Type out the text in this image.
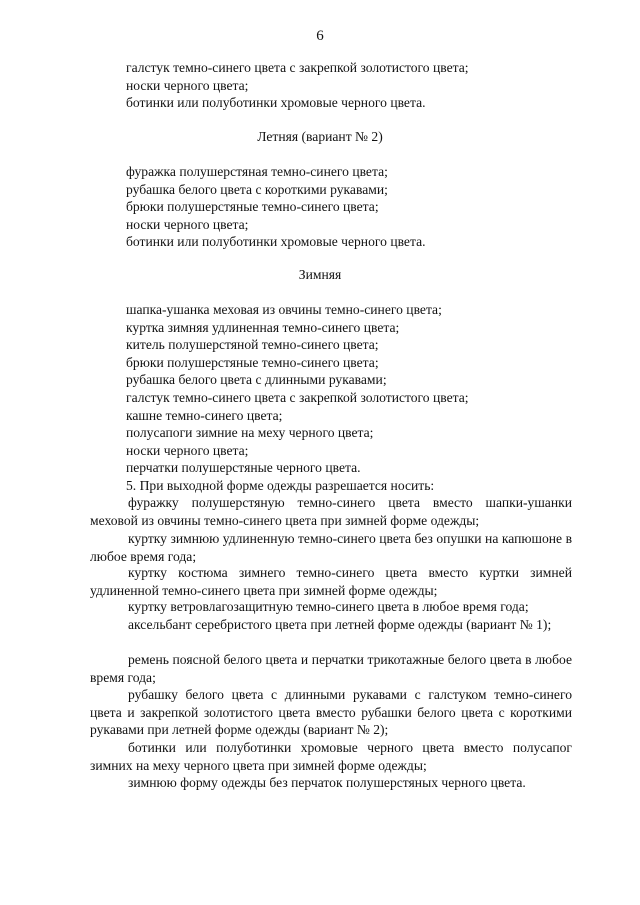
6

галстук темно-синего цвета с закрепкой золотистого цвета;

носки черного цвета;

ботинки или полуботинки хромовые черного цвета.

Летняя (вариант № 2)

фуражка полушерстяная темно-синего цвета;

рубашка белого цвета с короткими рукавами;

брюки полушерстяные темно-синего цвета;

носки черного цвета;

ботинки или полуботинки хромовые черного цвета.

Зимняя

шапка-ушанка меховая из овчины темно-синего цвета;

куртка зимняя удлиненная темно-синего цвета;

китель полушерстяной темно-синего цвета;

брюки полушерстяные темно-синего цвета;

рубашка белого цвета с длинными рукавами;

галстук темно-синего цвета с закрепкой золотистого цвета;

кашне темно-синего цвета;

полусапоги зимние на меху черного цвета;

носки черного цвета;

перчатки полушерстяные черного цвета.

5. При выходной форме одежды разрешается носить:

фуражку полушерстяную темно-синего цвета вместо шапки-ушанки меховой из овчины темно-синего цвета при зимней форме одежды;

куртку зимнюю удлиненную темно-синего цвета без опушки на капюшоне в любое время года;

куртку костюма зимнего темно-синего цвета вместо куртки зимней удлиненной темно-синего цвета при зимней форме одежды;

куртку ветровлагозащитную темно-синего цвета в любое время года;

аксельбант серебристого цвета при летней форме одежды (вариант № 1);

ремень поясной белого цвета и перчатки трикотажные белого цвета в любое время года;

рубашку белого цвета с длинными рукавами с галстуком темно-синего цвета и закрепкой золотистого цвета вместо рубашки белого цвета с короткими рукавами при летней форме одежды (вариант № 2);

ботинки или полуботинки хромовые черного цвета вместо полусапог зимних на меху черного цвета при зимней форме одежды;

зимнюю форму одежды без перчаток полушерстяных черного цвета.
